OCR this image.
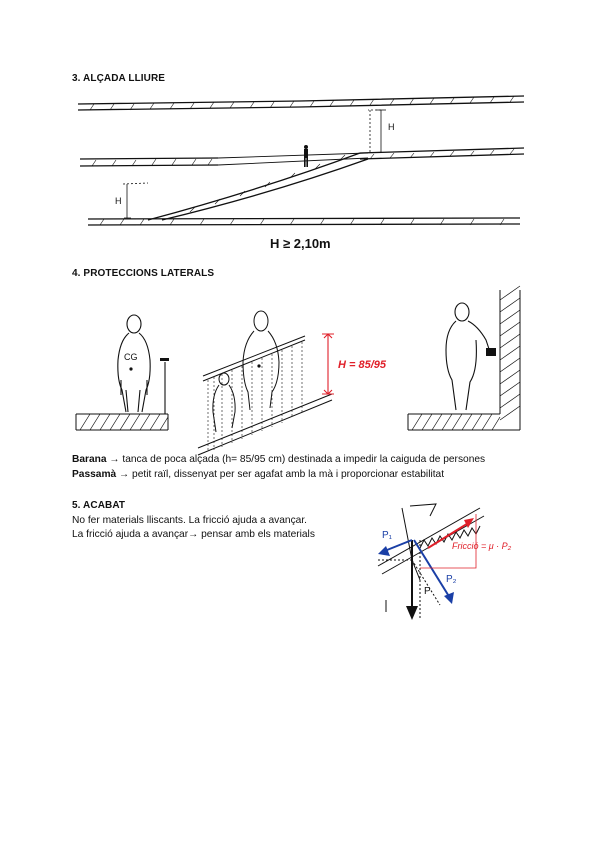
3. ALÇADA LLIURE
H
H
H ≥ 2,10m
4. PROTECCIONS LATERALS
CG
H = 85/95
Barana → tanca de poca alçada (h= 85/95 cm) destinada a impedir la caiguda de persones
Passamà → petit raïl, dissenyat per ser agafat amb la mà i proporcionar estabilitat
5. ACABAT
No fer materials lliscants. La fricció ajuda a avançar.
La fricció ajuda a avançar→ pensar amb els materials	P₁
P₂
P
Fricció = μ · P₂
